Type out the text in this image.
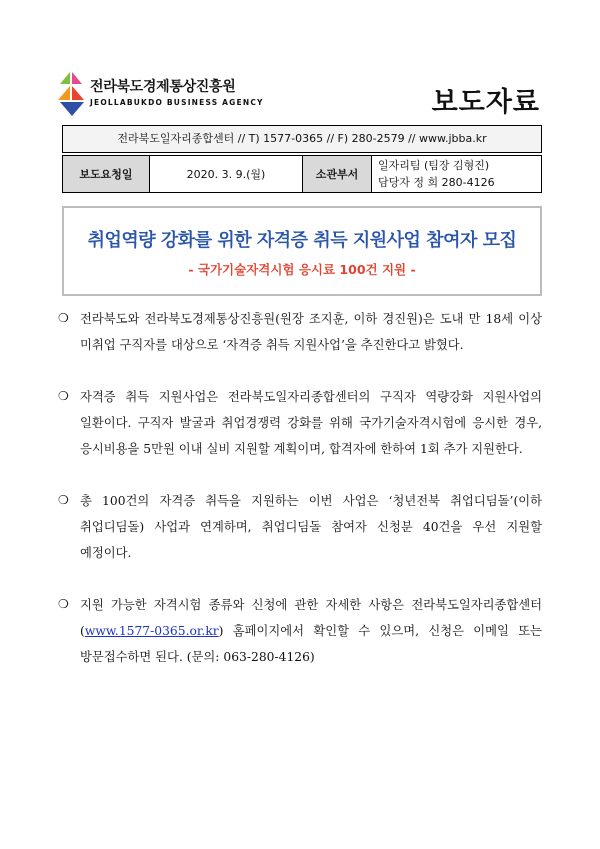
전라북도경제통상진흥원
JEOLLABUKDO BUSINESS AGENCY	보도자료
전라북도일자리종합센터 // T) 1577-0365 // F) 280-2579 // www.jbba.kr
보도요청일	2020. 3. 9.(월)	소관부서	
일자리팀 (팀장 김형진)
담당자 정 희 280-4126
취업역량 강화를 위한 자격증 취득 지원사업 참여자 모집
- 국가기술자격시험 응시료 100건 지원 -
❍ 전라북도와 전라북도경제통상진흥원(원장 조지훈, 이하 경진원)은 도내 만 18세 이상 미취업 구직자를 대상으로 ‘자격증 취득 지원사업’을 추진한다고 밝혔다.
❍ 자격증 취득 지원사업은 전라북도일자리종합센터의 구직자 역량강화 지원사업의 일환이다. 구직자 발굴과 취업경쟁력 강화를 위해 국가기술자격시험에 응시한 경우, 응시비용을 5만원 이내 실비 지원할 계획이며, 합격자에 한하여 1회 추가 지원한다.
❍ 총 100건의 자격증 취득을 지원하는 이번 사업은 ‘청년전북 취업디딤돌’(이하 취업디딤돌) 사업과 연계하며, 취업디딤돌 참여자 신청분 40건을 우선 지원할 예정이다.
❍ 지원 가능한 자격시험 종류와 신청에 관한 자세한 사항은 전라북도일자리종합센터(www.1577-0365.or.kr) 홈페이지에서 확인할 수 있으며, 신청은 이메일 또는 방문접수하면 된다. (문의: 063-280-4126)
